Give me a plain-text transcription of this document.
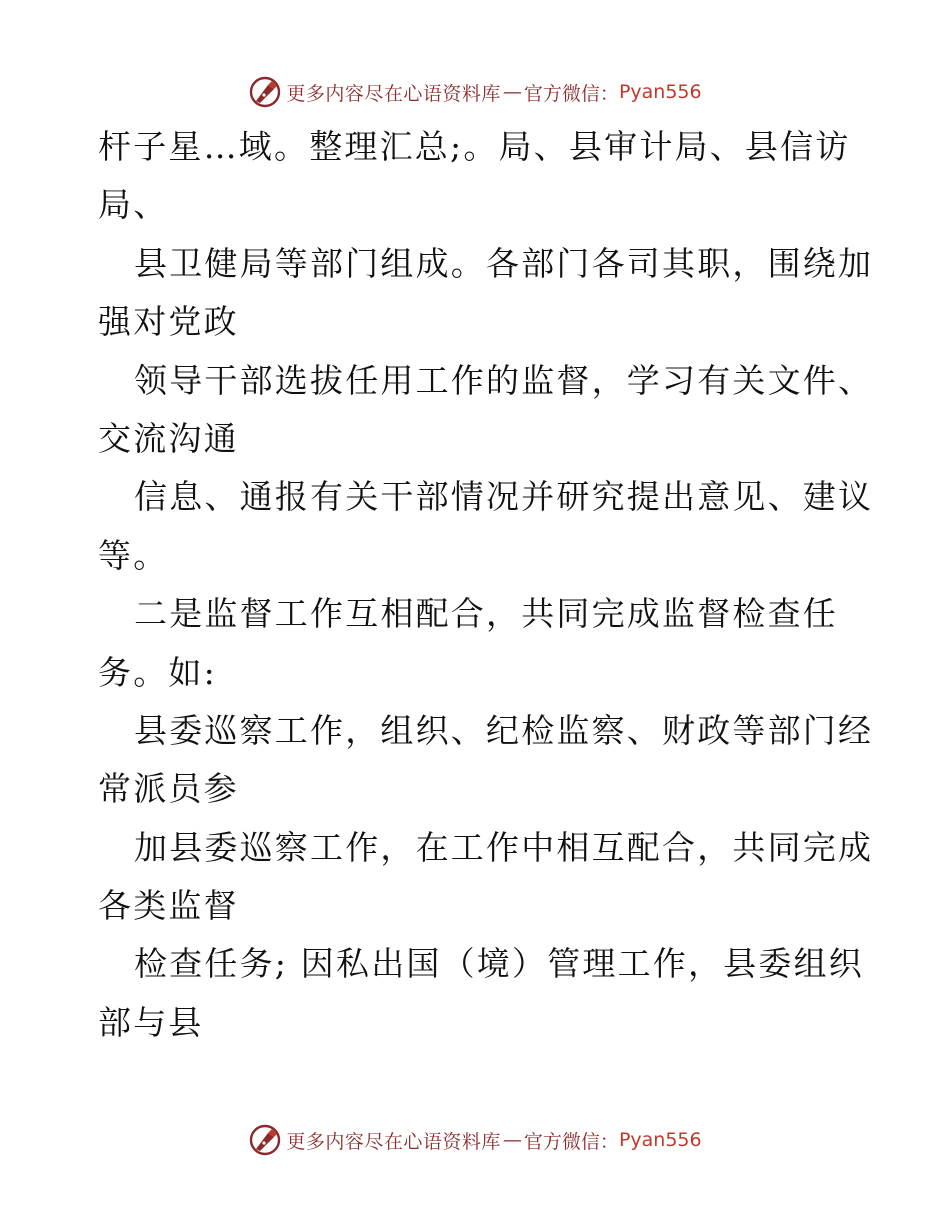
更多内容尽在心语资料库 — 官方微信： Pyan556
杆子星…域。整理汇总;。局、县审计局、县信访
局、
县卫健局等部门组成。各部门各司其职，围绕加
强对党政
领导干部选拔任用工作的监督，学习有关文件、
交流沟通
信息、通报有关干部情况并研究提出意见、建议
等。
二是监督工作互相配合，共同完成监督检查任
务。如:
县委巡察工作，组织、纪检监察、财政等部门经
常派员参
加县委巡察工作，在工作中相互配合，共同完成
各类监督
检查任务; 因私出国（境）管理工作，县委组织
部与县
更多内容尽在心语资料库 — 官方微信： Pyan556
